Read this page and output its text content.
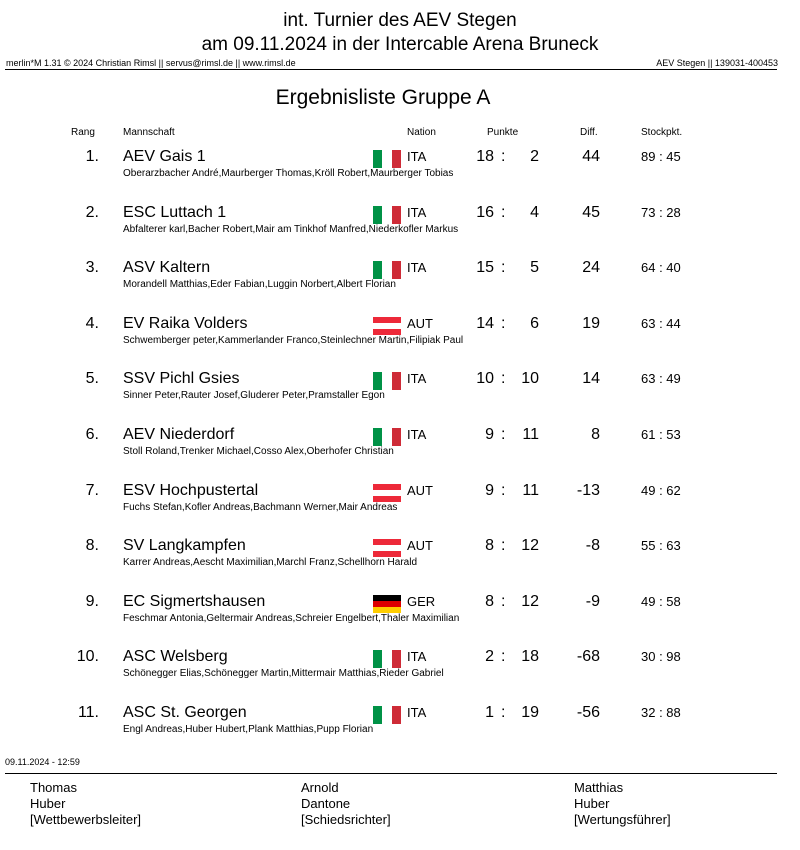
int. Turnier des AEV Stegen
am 09.11.2024 in der Intercable Arena Bruneck
merlin*M 1.31 © 2024 Christian Rimsl || servus@rimsl.de || www.rimsl.de	AEV Stegen || 139031-400453
Ergebnisliste Gruppe A
Rang	Mannschaft	Nation	Punkte	Diff.	Stockpkt.
1. AEV Gais 1
Oberarzbacher André,Maurberger Thomas,Kröll Robert,Maurberger Tobias
ITA	18 :	2	44	89 : 45
2. ESC Luttach 1
Abfalterer karl,Bacher Robert,Mair am Tinkhof Manfred,Niederkofler Markus
ITA	16 :	4	45	73 : 28
3. ASV Kaltern
Morandell Matthias,Eder Fabian,Luggin Norbert,Albert Florian
ITA	15 :	5	24	64 : 40
4. EV Raika Volders
Schwemberger peter,Kammerlander Franco,Steinlechner Martin,Filipiak Paul
AUT	14 :	6	19	63 : 44
5. SSV Pichl Gsies
Sinner Peter,Rauter Josef,Gluderer Peter,Pramstaller Egon
ITA	10 : 10	14	63 : 49
6. AEV Niederdorf
Stoll Roland,Trenker Michael,Cosso Alex,Oberhofer Christian
ITA	9 :	11	8	61 : 53
7. ESV Hochpustertal
Fuchs Stefan,Kofler Andreas,Bachmann Werner,Mair Andreas
AUT	9 :	11	-13	49 : 62
8. SV Langkampfen
Karrer Andreas,Aescht Maximilian,Marchl Franz,Schellhorn Harald
AUT	8 : 12	-8	55 : 63
9. EC Sigmertshausen
Feschmar Antonia,Geltermair Andreas,Schreier Engelbert,Thaler Maximilian
GER	8 : 12	-9	49 : 58
10. ASC Welsberg
Schönegger Elias,Schönegger Martin,Mittermair Matthias,Rieder Gabriel
ITA	2 : 18	-68	30 : 98
11. ASC St. Georgen
Engl Andreas,Huber Hubert,Plank Matthias,Pupp Florian
ITA	1 : 19	-56	32 : 88
09.11.2024 - 12:59
Thomas
Huber
[Wettbewerbsleiter]
Arnold
Dantone
[Schiedsrichter]
Matthias
Huber
[Wertungsführer]
